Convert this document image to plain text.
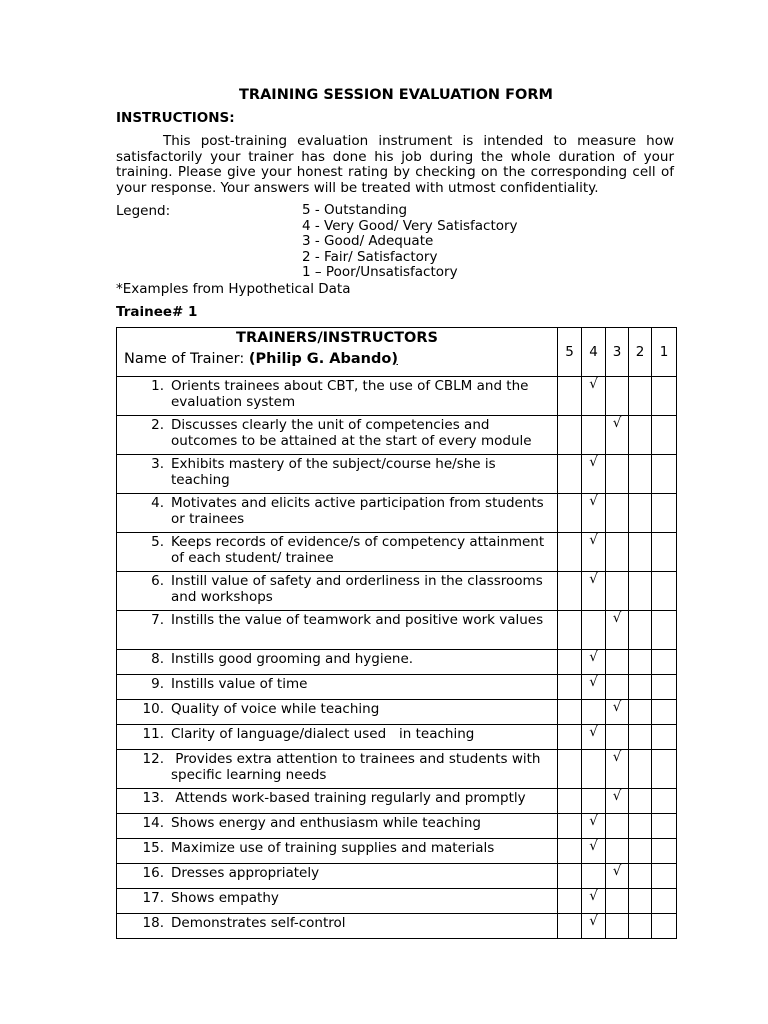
TRAINING SESSION EVALUATION FORM
INSTRUCTIONS:

This post-training evaluation instrument is intended to measure how satisfactorily your trainer has done his job during the whole duration of your training. Please give your honest rating by checking on the corresponding cell of your response. Your answers will be treated with utmost confidentiality.

Legend:	5 - Outstanding
4 - Very Good/ Very Satisfactory
3 - Good/ Adequate
2 - Fair/ Satisfactory
1 – Poor/Unsatisfactory
*Examples from Hypothetical Data
Trainee# 1
TRAINERS/INSTRUCTORS
Name of Trainer: (Philip G. Abando)	5	4	3	2	1

1. Orients trainees about CBT, the use of CBLM and the evaluation system		√			

2. Discusses clearly the unit of competencies and outcomes to be attained at the start of every module			√		

3. Exhibits mastery of the subject/course he/she is teaching		√			

4. Motivates and elicits active participation from students or trainees		√			

5. Keeps records of evidence/s of competency attainment of each student/ trainee		√			

6. Instill value of safety and orderliness in the classrooms and workshops		√			

7. Instills the value of teamwork and positive work values			√		

8. Instills good grooming and hygiene.		√			

9. Instills value of time		√			

10. Quality of voice while teaching			√		

11. Clarity of language/dialect used   in teaching		√			

12. Provides extra attention to trainees and students with specific learning needs			√		

13. Attends work-based training regularly and promptly			√		

14. Shows energy and enthusiasm while teaching		√			

15. Maximize use of training supplies and materials		√			

16. Dresses appropriately			√		

17. Shows empathy		√			

18. Demonstrates self-control		√			
